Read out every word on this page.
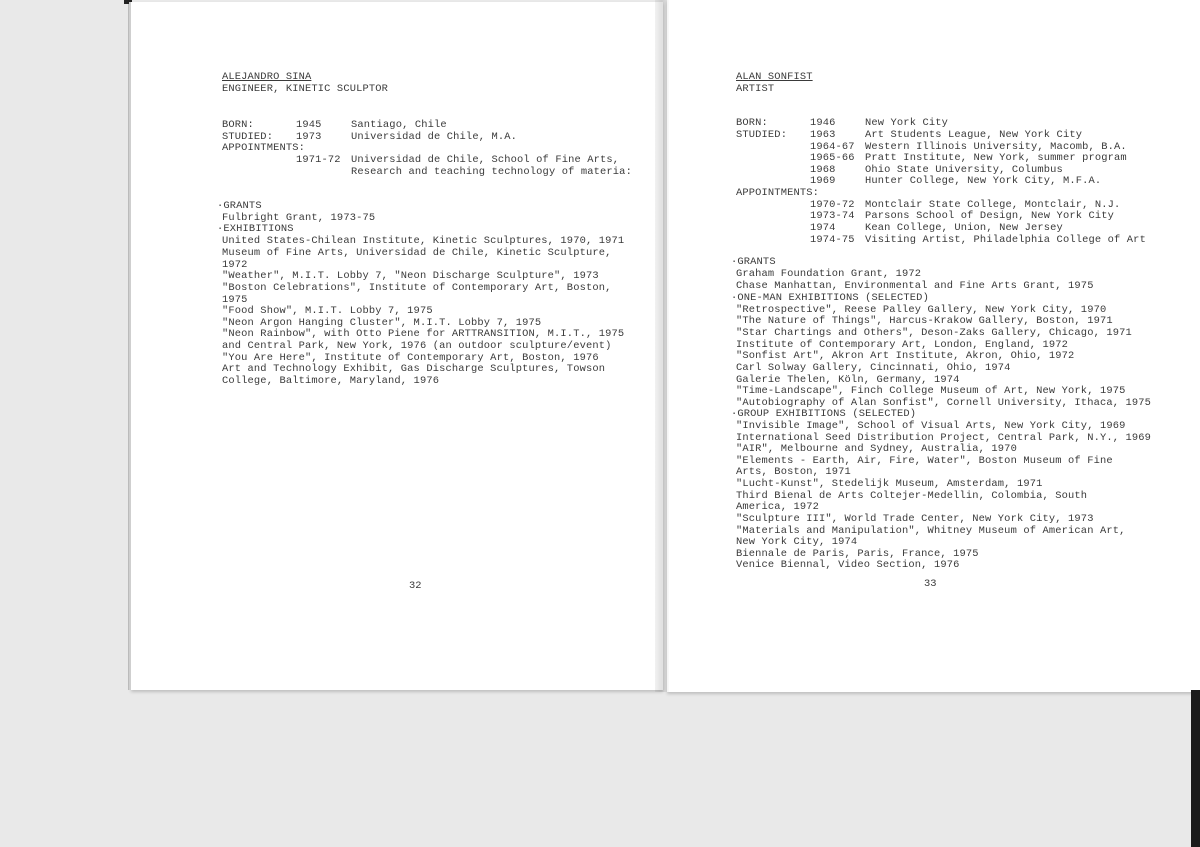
ALEJANDRO SINA
ENGINEER, KINETIC SCULPTOR
BORN:	1945	Santiago, Chile
STUDIED: 1973	Universidad de Chile, M.A.
APPOINTMENTS:
1971-72 Universidad de Chile, School of Fine Arts,
Research and teaching technology of materia:
·GRANTS
Fulbright Grant, 1973-75
·EXHIBITIONS
United States-Chilean Institute, Kinetic Sculptures, 1970, 1971
Museum of Fine Arts, Universidad de Chile, Kinetic Sculpture,
1972
"Weather", M.I.T. Lobby 7, "Neon Discharge Sculpture", 1973
"Boston Celebrations", Institute of Contemporary Art, Boston,
1975
"Food Show", M.I.T. Lobby 7, 1975
"Neon Argon Hanging Cluster", M.I.T. Lobby 7, 1975
"Neon Rainbow", with Otto Piene for ARTTRANSITION, M.I.T., 1975
and Central Park, New York, 1976 (an outdoor sculpture/event)
"You Are Here", Institute of Contemporary Art, Boston, 1976
Art and Technology Exhibit, Gas Discharge Sculptures, Towson
College, Baltimore, Maryland, 1976
32
ALAN SONFIST
ARTIST
BORN:	1946	New York City
STUDIED: 1963	Art Students League, New York City
1964-67 Western Illinois University, Macomb, B.A.
1965-66 Pratt Institute, New York, summer program
1968	Ohio State University, Columbus
1969	Hunter College, New York City, M.F.A.
APPOINTMENTS:
1970-72 Montclair State College, Montclair, N.J.
1973-74 Parsons School of Design, New York City
1974	Kean College, Union, New Jersey
1974-75 Visiting Artist, Philadelphia College of Art
·GRANTS
Graham Foundation Grant, 1972
Chase Manhattan, Environmental and Fine Arts Grant, 1975
·ONE-MAN EXHIBITIONS (SELECTED)
"Retrospective", Reese Palley Gallery, New York City, 1970
"The Nature of Things", Harcus-Krakow Gallery, Boston, 1971
"Star Chartings and Others", Deson-Zaks Gallery, Chicago, 1971
Institute of Contemporary Art, London, England, 1972
"Sonfist Art", Akron Art Institute, Akron, Ohio, 1972
Carl Solway Gallery, Cincinnati, Ohio, 1974
Galerie Thelen, Köln, Germany, 1974
"Time-Landscape", Finch College Museum of Art, New York, 1975
"Autobiography of Alan Sonfist", Cornell University, Ithaca, 1975
·GROUP EXHIBITIONS (SELECTED)
"Invisible Image", School of Visual Arts, New York City, 1969
International Seed Distribution Project, Central Park, N.Y., 1969
"AIR", Melbourne and Sydney, Australia, 1970
"Elements - Earth, Air, Fire, Water", Boston Museum of Fine
Arts, Boston, 1971
"Lucht-Kunst", Stedelijk Museum, Amsterdam, 1971
Third Bienal de Arts Coltejer-Medellin, Colombia, South
America, 1972
"Sculpture III", World Trade Center, New York City, 1973
"Materials and Manipulation", Whitney Museum of American Art,
New York City, 1974
Biennale de Paris, Paris, France, 1975
Venice Biennal, Video Section, 1976
33
